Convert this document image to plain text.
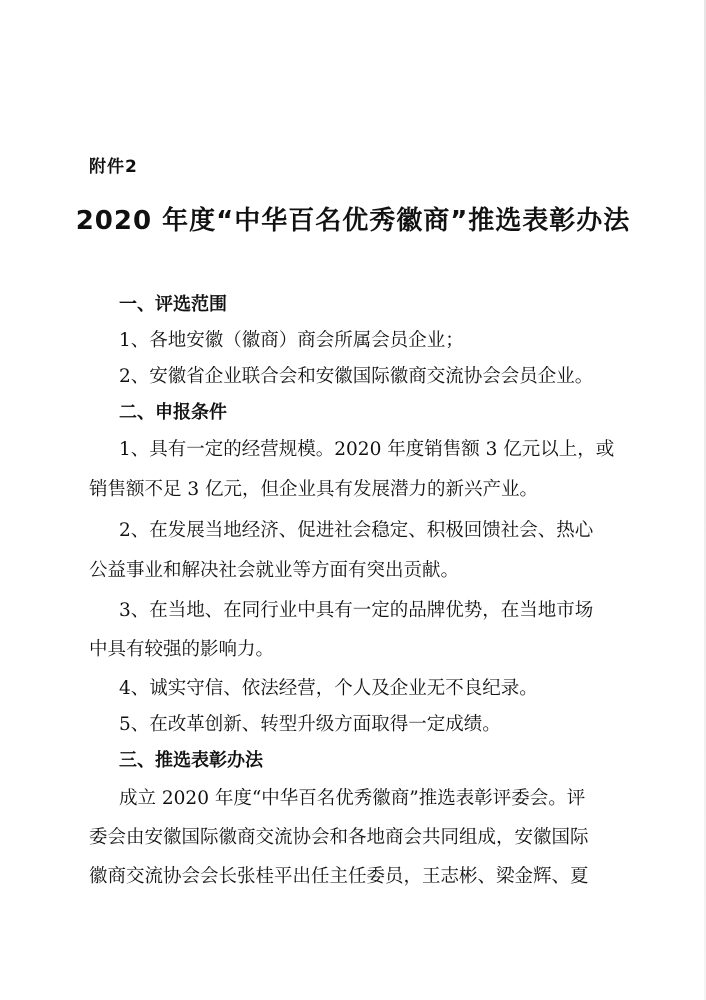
附件2

2020 年度“中华百名优秀徽商”推选表彰办法

一、评选范围

1、各地安徽（徽商）商会所属会员企业；

2、安徽省企业联合会和安徽国际徽商交流协会会员企业。

二、申报条件

1、具有一定的经营规模。2020 年度销售额 3 亿元以上，或

销售额不足 3 亿元，但企业具有发展潜力的新兴产业。

2、在发展当地经济、促进社会稳定、积极回馈社会、热心

公益事业和解决社会就业等方面有突出贡献。

3、在当地、在同行业中具有一定的品牌优势，在当地市场

中具有较强的影响力。

4、诚实守信、依法经营，个人及企业无不良纪录。

5、在改革创新、转型升级方面取得一定成绩。

三、推选表彰办法

成立 2020 年度“中华百名优秀徽商”推选表彰评委会。评

委会由安徽国际徽商交流协会和各地商会共同组成，安徽国际

徽商交流协会会长张桂平出任主任委员，王志彬、梁金辉、夏
